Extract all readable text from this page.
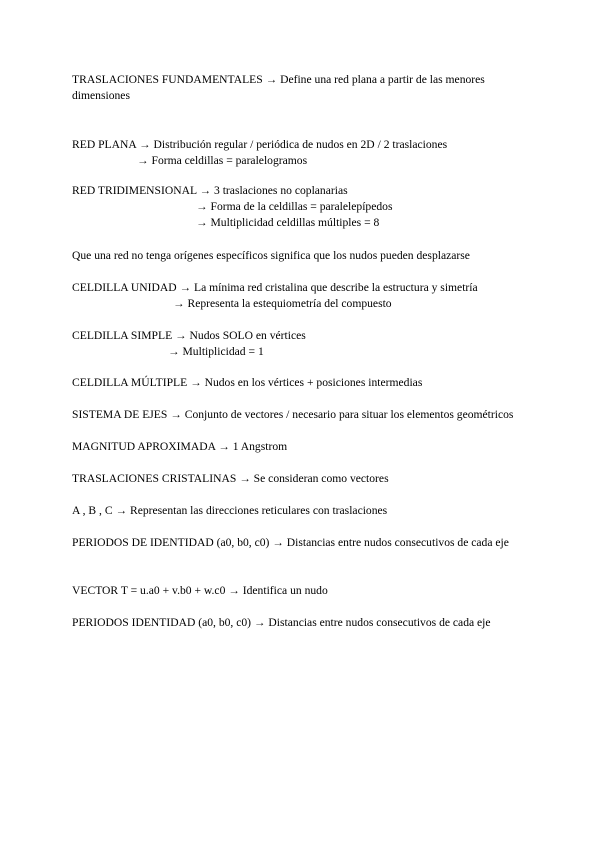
TRASLACIONES FUNDAMENTALES → Define una red plana a partir de las menores dimensiones
RED PLANA → Distribución regular / periódica de nudos en 2D / 2 traslaciones
→ Forma celdillas = paralelogramos
RED TRIDIMENSIONAL → 3 traslaciones no coplanarias
→ Forma de la celdillas = paralelepípedos
→ Multiplicidad celdillas múltiples = 8
Que una red no tenga orígenes específicos significa que los nudos pueden desplazarse
CELDILLA UNIDAD → La mínima red cristalina que describe la estructura y simetría
→ Representa la estequiometría del compuesto
CELDILLA SIMPLE → Nudos SOLO en vértices
→ Multiplicidad = 1
CELDILLA MÚLTIPLE → Nudos en los vértices + posiciones intermedias
SISTEMA DE EJES → Conjunto de vectores / necesario para situar los elementos geométricos
MAGNITUD APROXIMADA → 1 Angstrom
TRASLACIONES CRISTALINAS → Se consideran como vectores
A , B , C → Representan las direcciones reticulares con traslaciones
PERIODOS DE IDENTIDAD (a0, b0, c0) → Distancias entre nudos consecutivos de cada eje
VECTOR T = u.a0 + v.b0 + w.c0 → Identifica un nudo
PERIODOS IDENTIDAD (a0, b0, c0) → Distancias entre nudos consecutivos de cada eje
